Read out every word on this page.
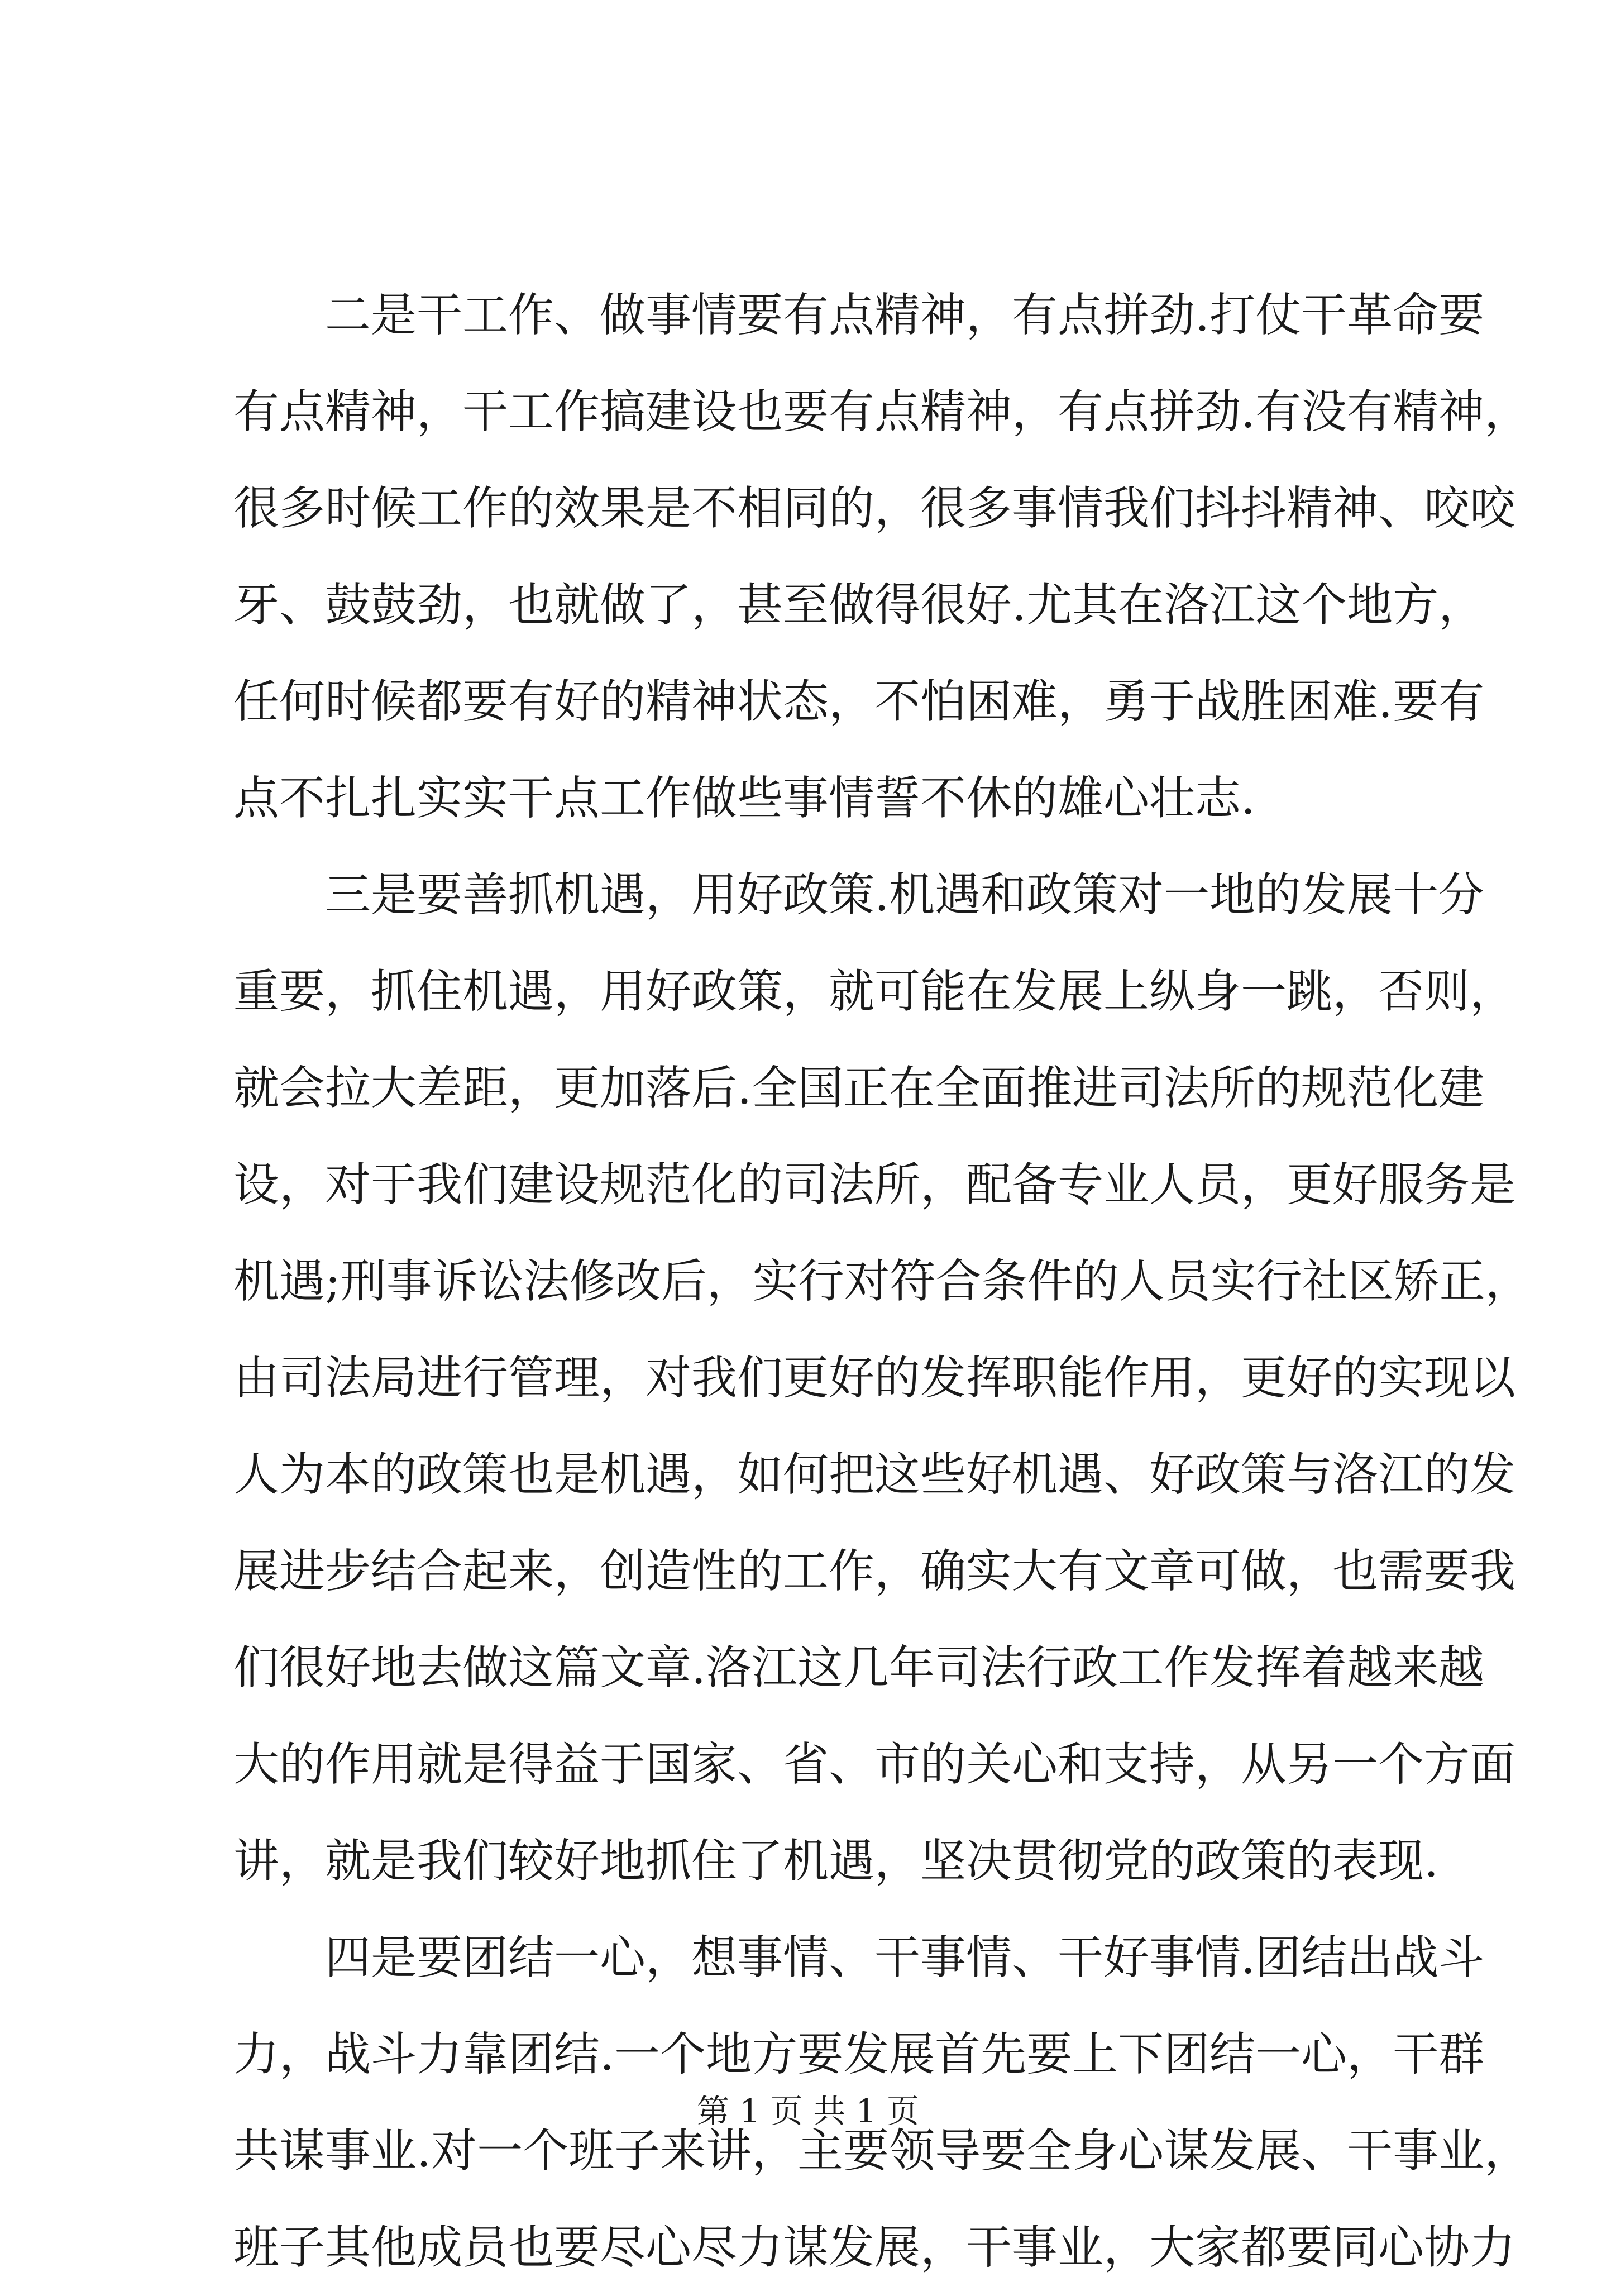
二是干工作、做事情要有点精神，有点拼劲.打仗干革命要
有点精神，干工作搞建设也要有点精神，有点拼劲.有没有精神，
很多时候工作的效果是不相同的，很多事情我们抖抖精神、咬咬
牙、鼓鼓劲，也就做了，甚至做得很好.尤其在洛江这个地方，
任何时候都要有好的精神状态，不怕困难，勇于战胜困难.要有
点不扎扎实实干点工作做些事情誓不休的雄心壮志.
三是要善抓机遇，用好政策.机遇和政策对一地的发展十分
重要，抓住机遇，用好政策，就可能在发展上纵身一跳，否则，
就会拉大差距，更加落后.全国正在全面推进司法所的规范化建
设，对于我们建设规范化的司法所，配备专业人员，更好服务是
机遇;刑事诉讼法修改后，实行对符合条件的人员实行社区矫正，
由司法局进行管理，对我们更好的发挥职能作用，更好的实现以
人为本的政策也是机遇，如何把这些好机遇、好政策与洛江的发
展进步结合起来，创造性的工作，确实大有文章可做，也需要我
们很好地去做这篇文章.洛江这几年司法行政工作发挥着越来越
大的作用就是得益于国家、省、市的关心和支持，从另一个方面
讲，就是我们较好地抓住了机遇，坚决贯彻党的政策的表现.
四是要团结一心，想事情、干事情、干好事情.团结出战斗
力，战斗力靠团结.一个地方要发展首先要上下团结一心，干群
共谋事业.对一个班子来讲，主要领导要全身心谋发展、干事业，
班子其他成员也要尽心尽力谋发展，干事业，大家都要同心协力
第 1 页 共 1 页
